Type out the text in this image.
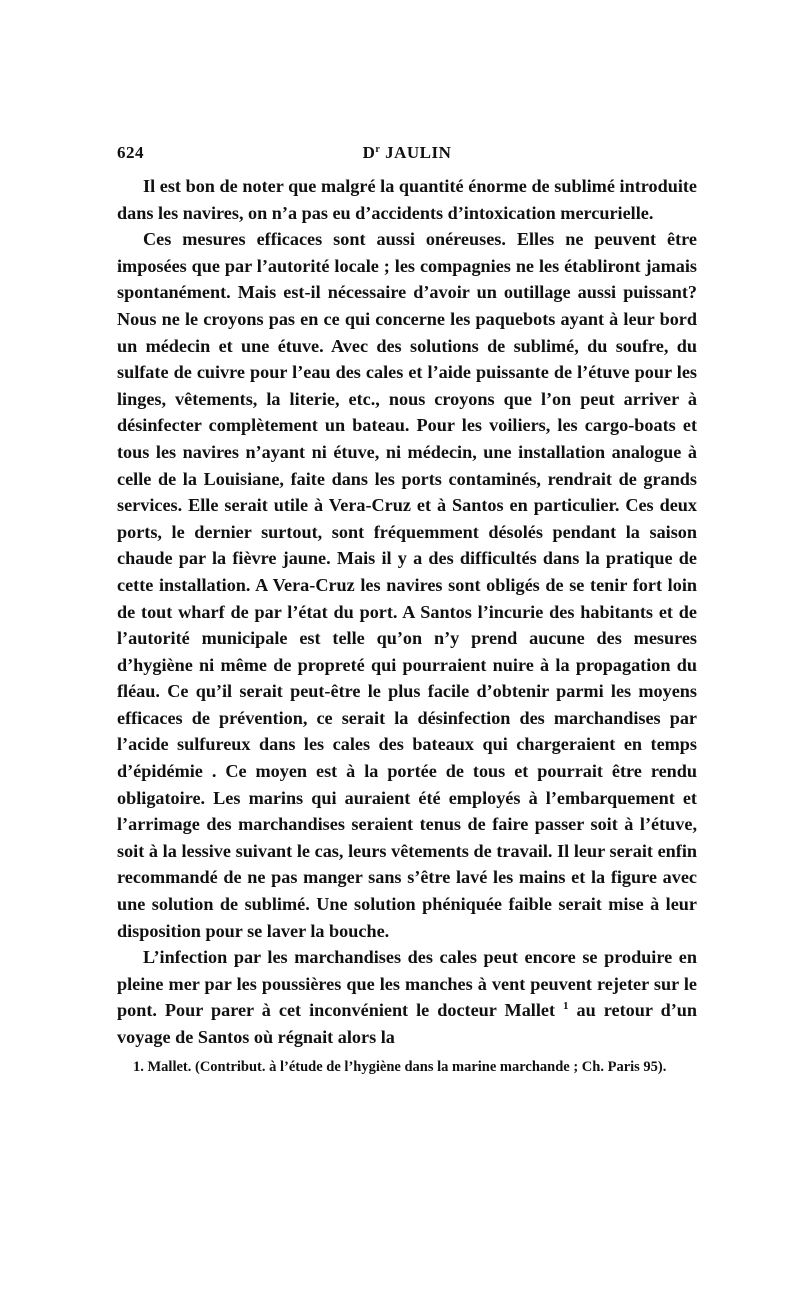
624	$D^r$ JAULIN

Il est bon de noter que malgré la quantité énorme de sublimé introduite dans les navires, on n’a pas eu d’accidents d’intoxication mercurielle.

Ces mesures efficaces sont aussi onéreuses. Elles ne peuvent être imposées que par l’autorité locale ; les compagnies ne les établiront jamais spontanément. Mais est-il nécessaire d’avoir un outillage aussi puissant? Nous ne le croyons pas en ce qui concerne les paquebots ayant à leur bord un médecin et une étuve. Avec des solutions de sublimé, du soufre, du sulfate de cuivre pour l’eau des cales et l’aide puissante de l’étuve pour les linges, vêtements, la literie, etc., nous croyons que l’on peut arriver à désinfecter complètement un bateau. Pour les voiliers, les cargo-boats et tous les navires n’ayant ni étuve, ni médecin, une installation analogue à celle de la Louisiane, faite dans les ports contaminés, rendrait de grands services. Elle serait utile à Vera-Cruz et à Santos en particulier. Ces deux ports, le dernier surtout, sont fréquemment désolés pendant la saison chaude par la fièvre jaune. Mais il y a des difficultés dans la pratique de cette installation. A Vera-Cruz les navires sont obligés de se tenir fort loin de tout wharf de par l’état du port. A Santos l’incurie des habitants et de l’autorité municipale est telle qu’on n’y prend aucune des mesures d’hygiène ni même de propreté qui pourraient nuire à la propagation du fléau. Ce qu’il serait peut-être le plus facile d’obtenir parmi les moyens efficaces de prévention, ce serait la désinfection des marchandises par l’acide sulfureux dans les cales des bateaux qui chargeraient en temps d’épidémie . Ce moyen est à la portée de tous et pourrait être rendu obligatoire. Les marins qui auraient été employés à l’embarquement et l’arrimage des marchandises seraient tenus de faire passer soit à l’étuve, soit à la lessive suivant le cas, leurs vêtements de travail. Il leur serait enfin recommandé de ne pas manger sans s’être lavé les mains et la figure avec une solution de sublimé. Une solution phéniquée faible serait mise à leur disposition pour se laver la bouche.

L’infection par les marchandises des cales peut encore se produire en pleine mer par les poussières que les manches à vent peuvent rejeter sur le pont. Pour parer à cet inconvénient le docteur Mallet $^1$ au retour d’un voyage de Santos où régnait alors la

1. Mallet. (Contribut. à l’étude de l’hygiène dans la marine marchande ; Ch. Paris 95).
